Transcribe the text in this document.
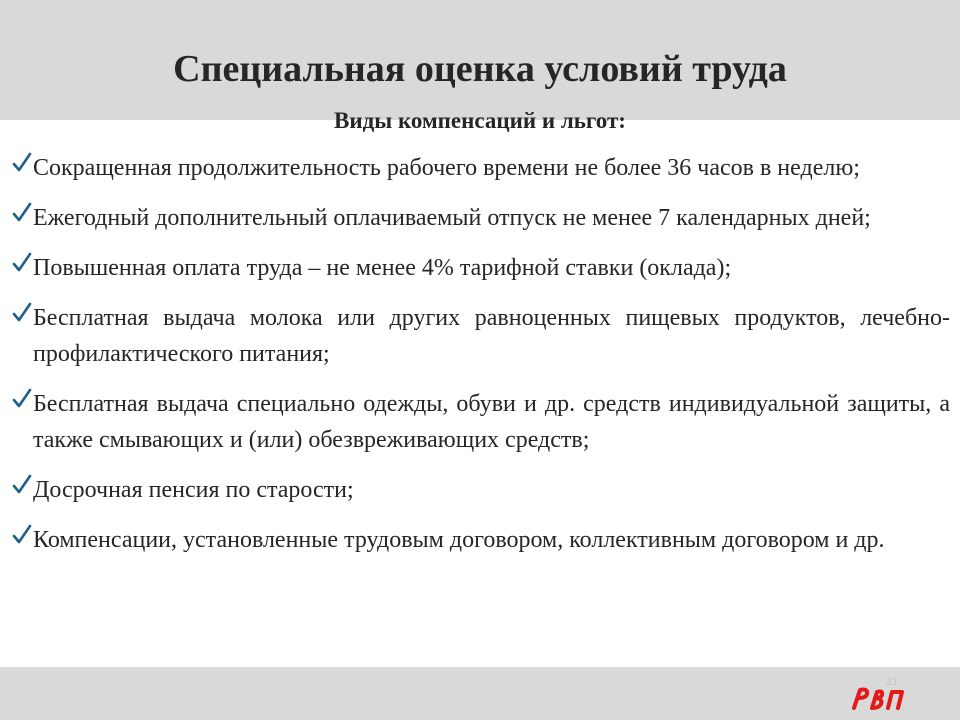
Специальная оценка условий труда
Виды компенсаций и льгот:
Сокращенная продолжительность рабочего времени не более 36 часов в неделю;
Ежегодный дополнительный оплачиваемый отпуск не менее 7 календарных дней;
Повышенная оплата труда – не менее 4% тарифной ставки (оклада);
Бесплатная выдача молока или других равноценных пищевых продуктов, лечебно-профилактического питания;
Бесплатная выдача специально одежды, обуви и др. средств индивидуальной защиты, а также смывающих и (или) обезвреживающих средств;
Досрочная пенсия по старости;
Компенсации, установленные трудовым договором, коллективным договором и др.
21
